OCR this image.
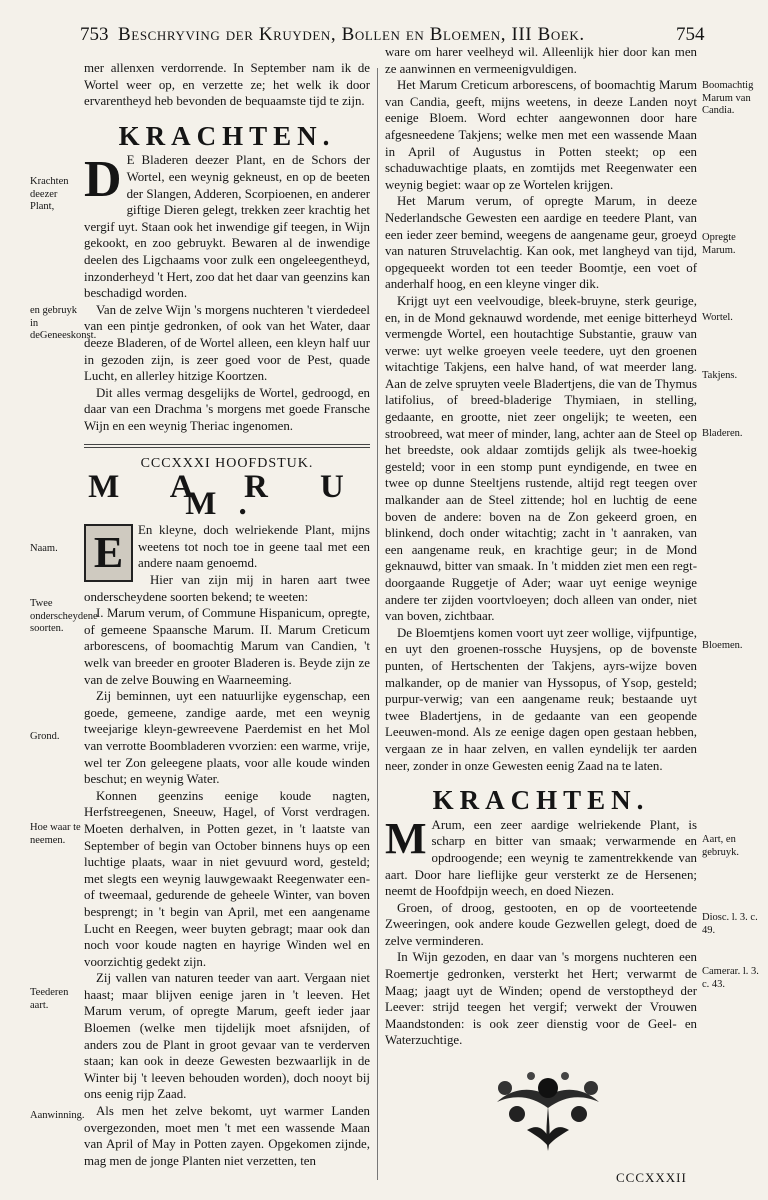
753 Beschryving der Kruyden, Bollen en Bloemen, III Boek.	754

mer allenxen verdorrende. In September nam ik de Wortel weer op, en verzette ze; het welk ik door ervarentheyd heb bevonden de bequaamste tijd te zijn.

KRACHTEN.

D E Bladeren deezer Plant, en de Schors der Wortel, een weynig gekneust, en op de beeten der Slangen, Adderen, Scorpioenen, en anderer giftige Dieren gelegt, trekken zeer krachtig het vergif uyt. Staan ook het inwendige gif teegen, in Wijn gekookt, en zoo gebruykt. Bewaren al de inwendige deelen des Ligchaams voor zulk een ongeleegentheyd, inzonderheyd 't Hert, zoo dat het daar van geenzins kan beschadigd worden.

Van de zelve Wijn 's morgens nuchteren 't vierdedeel van een pintje gedronken, of ook van het Water, daar deeze Bladeren, of de Wortel alleen, een kleyn half uur in gezoden zijn, is zeer goed voor de Pest, quade Lucht, en allerley hitzige Koortzen.

Dit alles vermag desgelijks de Wortel, gedroogd, en daar van een Drachma 's morgens met goede Fransche Wijn en een weynig Theriac ingenomen.

CCCXXXI HOOFDSTUK.
M A R U M.

E	En kleyne, doch welriekende Plant, mijns weetens tot noch toe in geene taal met een andere naam genoemd.

Hier van zijn mij in haren aart twee onderscheydene soorten bekend; te weeten:

I. Marum verum, of Commune Hispanicum, opregte, of gemeene Spaansche Marum. II. Marum Creticum arborescens, of boomachtig Marum van Candien, 't welk van breeder en grooter Bladeren is. Beyde zijn ze van de zelve Bouwing en Waarneeming.

Zij beminnen, uyt een natuurlijke eygenschap, een goede, gemeene, zandige aarde, met een weynig tweejarige kleyn-gewreevene Paerdemist en het Mol van verrotte Boombladeren vvorzien: een warme, vrije, wel ter Zon geleegene plaats, voor alle koude winden beschut; en weynig Water.

Konnen geenzins eenige koude nagten, Herfstreegenen, Sneeuw, Hagel, of Vorst verdragen. Moeten derhalven, in Potten gezet, in 't laatste van September of begin van October binnens huys op een luchtige plaats, waar in niet gevuurd word, gesteld; met slegts een weynig lauwgewaakt Reegenwater een- of tweemaal, gedurende de geheele Winter, van boven besprengt; in 't begin van April, met een aangename Lucht en Reegen, weer buyten gebragt; maar ook dan noch voor koude nagten en hayrige Winden wel en voorzichtig gedekt zijn.

Zij vallen van naturen teeder van aart. Vergaan niet haast; maar blijven eenige jaren in 't leeven. Het Marum verum, of opregte Marum, geeft ieder jaar Bloemen (welke men tijdelijk moet afsnijden, of anders zou de Plant in groot gevaar van te verderven staan; kan ook in deeze Gewesten bezwaarlijk in de Winter bij 't leeven behouden worden), doch nooyt bij ons eenig rijp Zaad.

Als men het zelve bekomt, uyt warmer Landen overgezonden, moet men 't met een wassende Maan van April of May in Potten zayen. Opgekomen zijnde, mag men de jonge Planten niet verzetten, ten

Krachten deezer Plant,
en gebruyk in deGeneeskonst.
Naam.
Twee onderscheydene soorten.
Grond.
Hoe waar te neemen.
Teederen aart.
Aanwinning.

ware om harer veelheyd wil. Alleenlijk hier door kan men ze aanwinnen en vermeenigvuldigen.

Het Marum Creticum arborescens, of boomachtig Marum van Candia, geeft, mijns weetens, in deeze Landen noyt eenige Bloem. Word echter aangewonnen door hare afgesneedene Takjens; welke men met een wassende Maan in April of Augustus in Potten steekt; op een schaduwachtige plaats, en zomtijds met Reegenwater een weynig begiet: waar op ze Wortelen krijgen.

Het Marum verum, of opregte Marum, in deeze Nederlandsche Gewesten een aardige en teedere Plant, van een ieder zeer bemind, weegens de aangename geur, groeyd van naturen Struvelachtig. Kan ook, met langheyd van tijd, opgequeekt worden tot een teeder Boomtje, een voet of anderhalf hoog, en een kleyne vinger dik.

Krijgt uyt een veelvoudige, bleek-bruyne, sterk geurige, en, in de Mond geknauwd wordende, met eenige bitterheyd vermengde Wortel, een houtachtige Substantie, grauw van verwe: uyt welke groeyen veele teedere, uyt den groenen witachtige Takjens, een halve hand, of wat meerder lang. Aan de zelve spruyten veele Bladertjens, die van de Thymus latifolius, of breed-bladerige Thymiaen, in stelling, gedaante, en grootte, niet zeer ongelijk; te weeten, een stroobreed, wat meer of minder, lang, achter aan de Steel op het breedste, ook aldaar zomtijds gelijk als twee-hoekig gesteld; voor in een stomp punt eyndigende, en twee en twee op dunne Steeltjens rustende, altijd regt teegen over malkander aan de Steel zittende; hol en luchtig de eene boven de andere: boven na de Zon gekeerd groen, en blinkend, doch onder witachtig; zacht in 't aanraken, van een aangename reuk, en krachtige geur; in de Mond geknauwd, bitter van smaak. In 't midden ziet men een regt-doorgaande Ruggetje of Ader; waar uyt eenige weynige andere ter zijden voortvloeyen; doch alleen van onder, niet van boven, zichtbaar.

De Bloemtjens komen voort uyt zeer wollige, vijfpuntige, en uyt den groenen-rossche Huysjens, op de bovenste punten, of Hertschenten der Takjens, ayrs-wijze boven malkander, op de manier van Hyssopus, of Ysop, gesteld; purpur-verwig; van een aangename reuk; bestaande uyt twee Bladertjens, in de gedaante van een geopende Leeuwen-mond. Als ze eenige dagen open gestaan hebben, vergaan ze in haar zelven, en vallen eyndelijk ter aarden neer, zonder in onze Gewesten eenig Zaad na te laten.

KRACHTEN.

M Arum, een zeer aardige welriekende Plant, is scharp en bitter van smaak; verwarmende en opdroogende; een weynig te zamentrekkende van aart. Door hare lieflijke geur versterkt ze de Hersenen; neemt de Hoofdpijn weech, en doed Niezen.

Groen, of droog, gestooten, en op de voorteetende Zweeringen, ook andere koude Gezwellen gelegt, doed de zelve verminderen.

In Wijn gezoden, en daar van 's morgens nuchteren een Roemertje gedronken, versterkt het Hert; verwarmt de Maag; jaagt uyt de Winden; opend de verstoptheyd der Leever: strijd teegen het vergif; verwekt der Vrouwen Maandstonden: is ook zeer dienstig voor de Geel- en Waterzuchtige.

Boomachtig Marum van Candia.
Opregte Marum.
Wortel.
Takjens.
Bladeren.
Bloemen.
Aart, en gebruyk.
Diosc. l. 3. c. 49.
Camerar. l. 3. c. 43.
CCCXXXII
